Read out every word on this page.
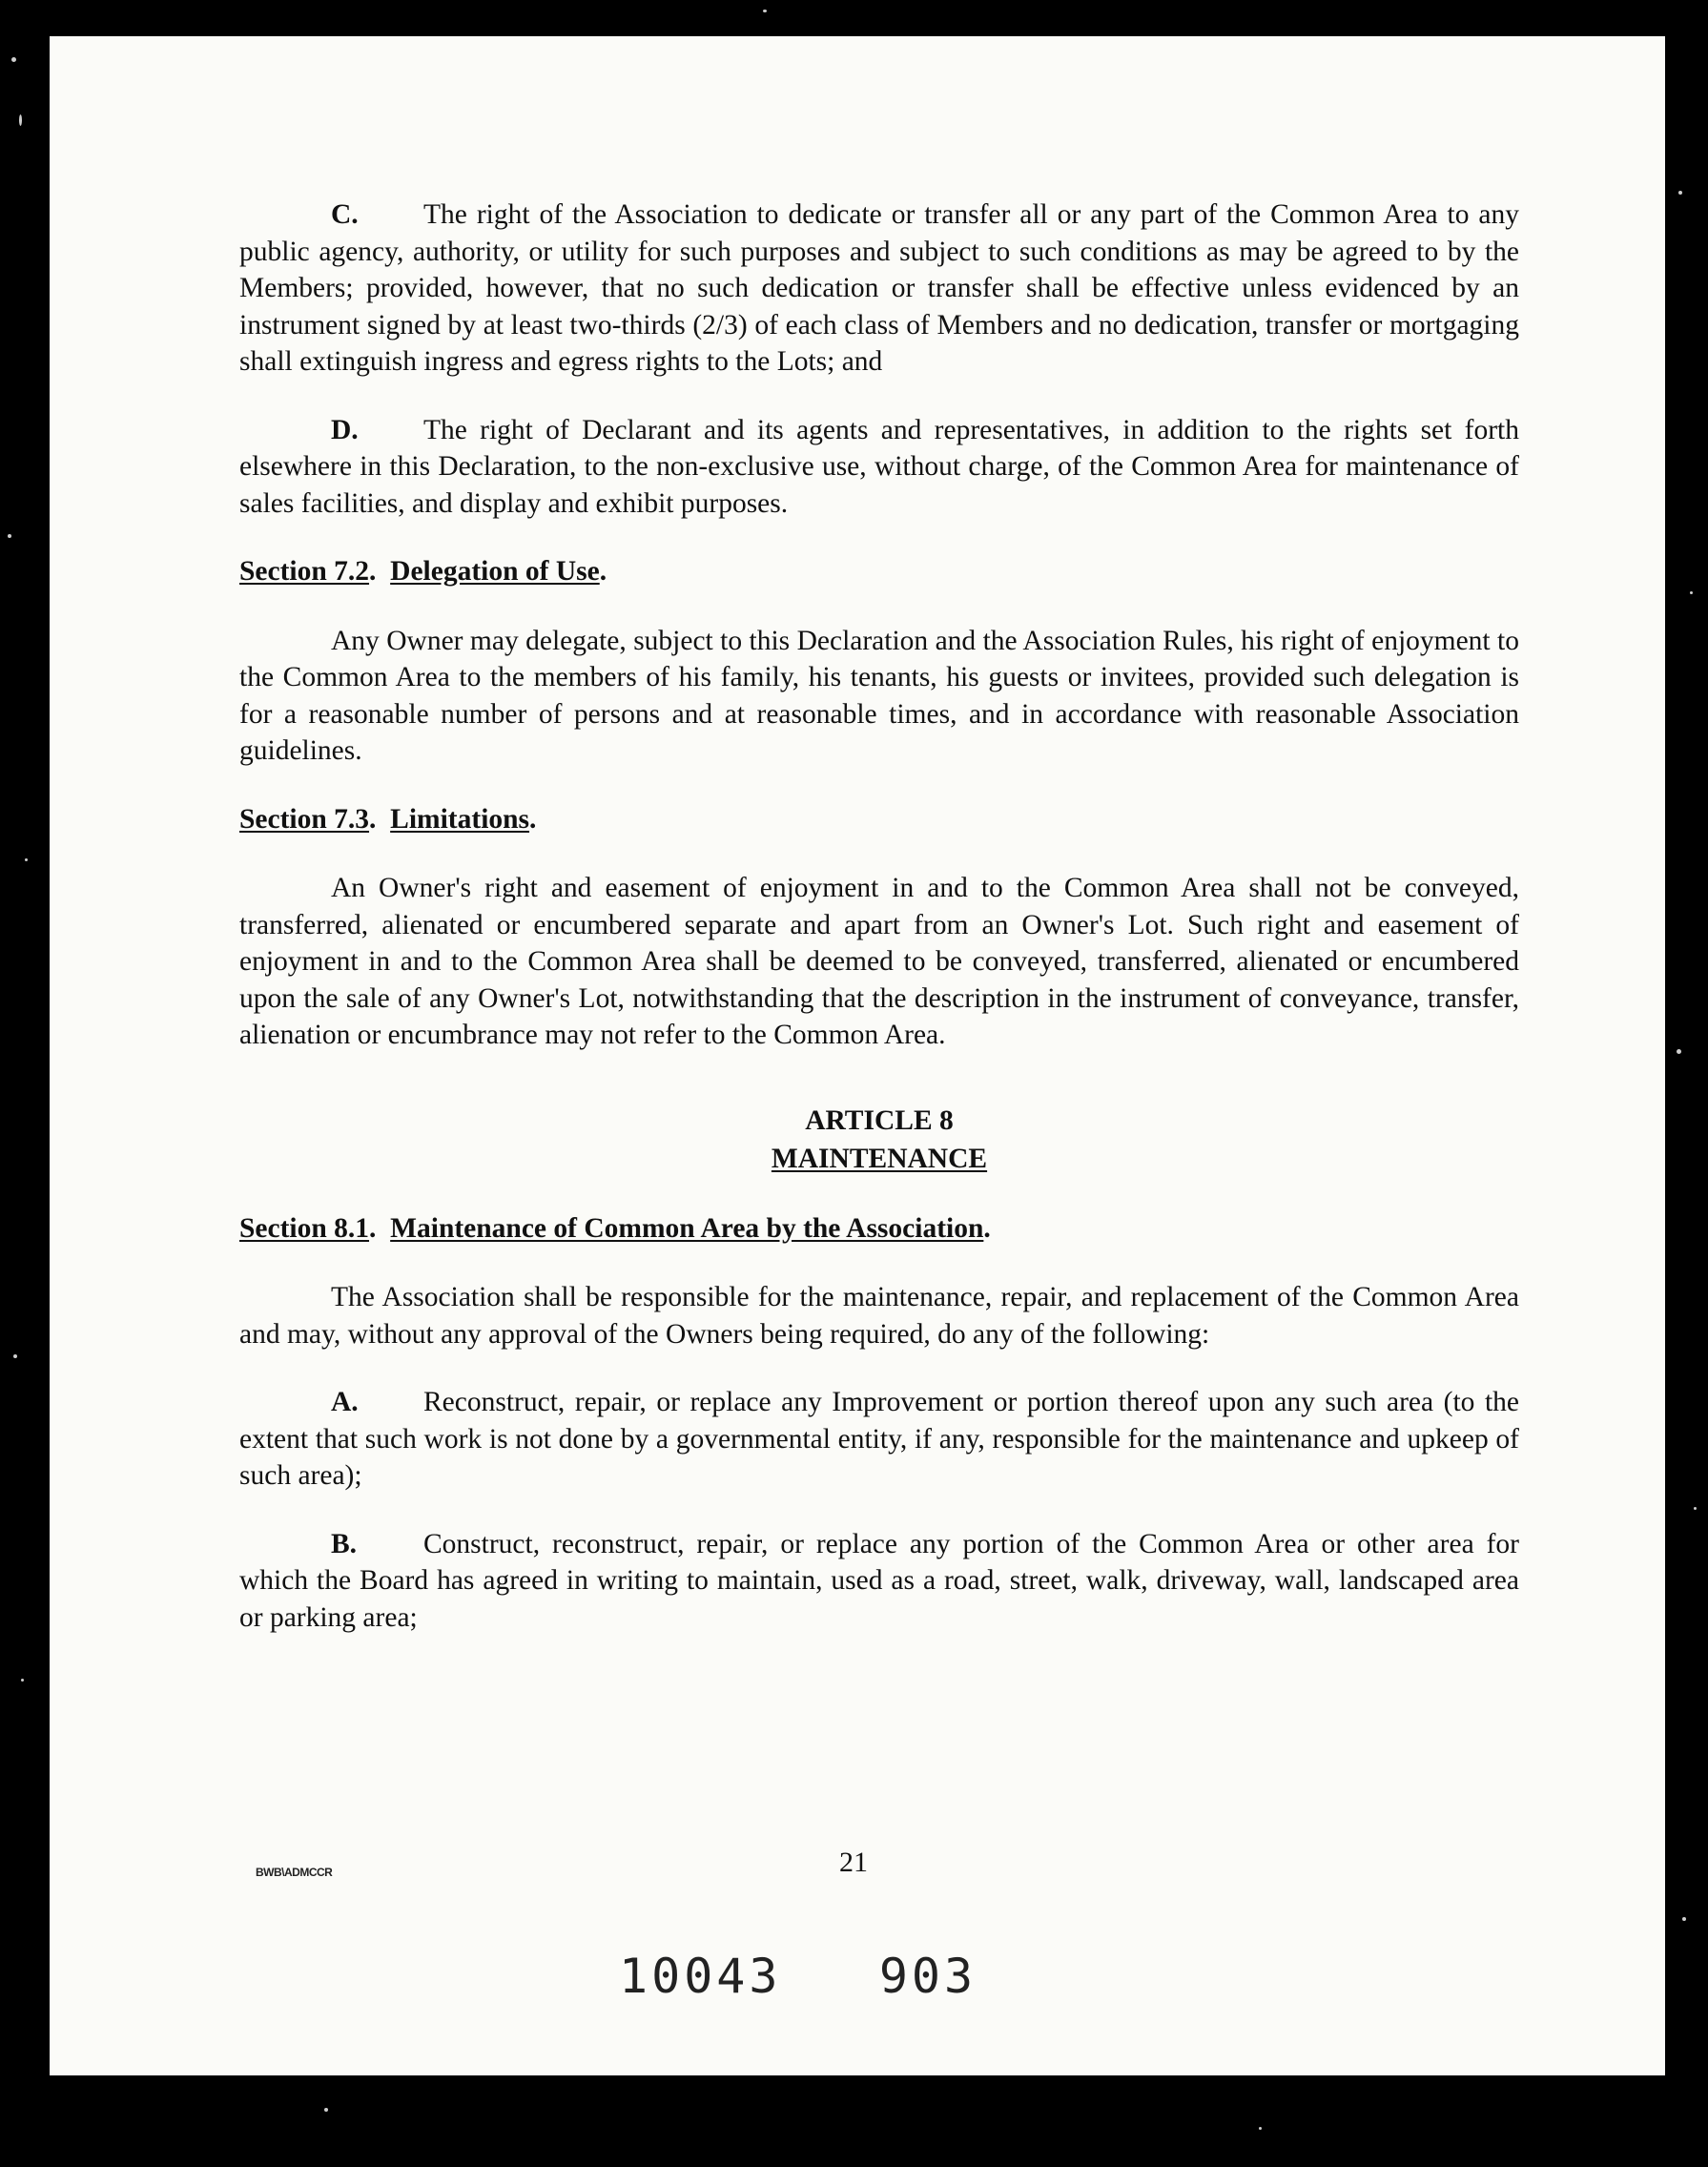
C. The right of the Association to dedicate or transfer all or any part of the Common Area to any public agency, authority, or utility for such purposes and subject to such conditions as may be agreed to by the Members; provided, however, that no such dedication or transfer shall be effective unless evidenced by an instrument signed by at least two-thirds (2/3) of each class of Members and no dedication, transfer or mortgaging shall extinguish ingress and egress rights to the Lots; and

D. The right of Declarant and its agents and representatives, in addition to the rights set forth elsewhere in this Declaration, to the non-exclusive use, without charge, of the Common Area for maintenance of sales facilities, and display and exhibit purposes.

Section 7.2.  Delegation of Use.

Any Owner may delegate, subject to this Declaration and the Association Rules, his right of enjoyment to the Common Area to the members of his family, his tenants, his guests or invitees, provided such delegation is for a reasonable number of persons and at reasonable times, and in accordance with reasonable Association guidelines.

Section 7.3.  Limitations.

An Owner's right and easement of enjoyment in and to the Common Area shall not be conveyed, transferred, alienated or encumbered separate and apart from an Owner's Lot. Such right and easement of enjoyment in and to the Common Area shall be deemed to be conveyed, transferred, alienated or encumbered upon the sale of any Owner's Lot, notwithstanding that the description in the instrument of conveyance, transfer, alienation or encumbrance may not refer to the Common Area.

ARTICLE 8
MAINTENANCE
Section 8.1.  Maintenance of Common Area by the Association.

The Association shall be responsible for the maintenance, repair, and replacement of the Common Area and may, without any approval of the Owners being required, do any of the following:

A. Reconstruct, repair, or replace any Improvement or portion thereof upon any such area (to the extent that such work is not done by a governmental entity, if any, responsible for the maintenance and upkeep of such area);

B. Construct, reconstruct, repair, or replace any portion of the Common Area or other area for which the Board has agreed in writing to maintain, used as a road, street, walk, driveway, wall, landscaped area or parking area;

BWB\ADMCCR	21
10043 903
